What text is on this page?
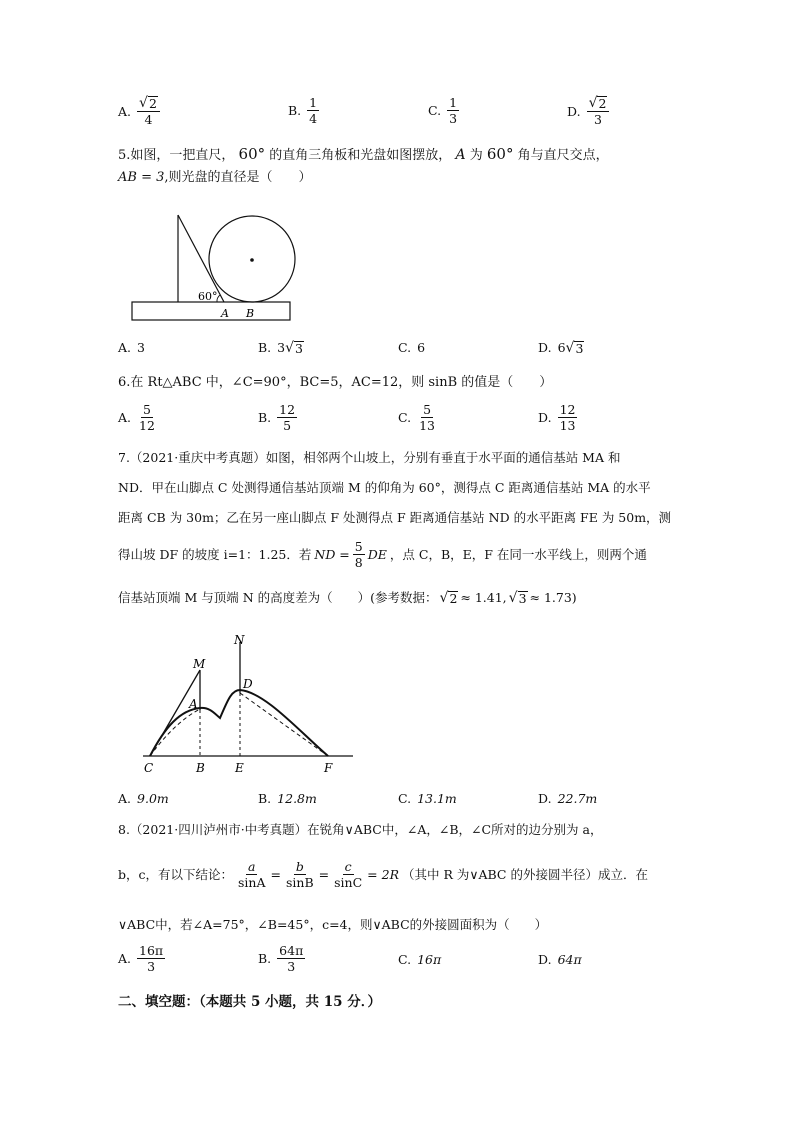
A. $\frac{√ 2}{4}$	B. $\frac{1}{4}$	C. $\frac{1}{3}$	D. $\frac{√ 2}{3}$
5.如图，一把直尺， 60° 的直角三角板和光盘如图摆放， A 为 60° 角与直尺交点，
AB = 3,则光盘的直径是（　　）
60°
A B
A. 3	B. 3 √ 3	C. 6	D. 6 √ 3
6.在 Rt△ABC 中，∠C=90°，BC=5，AC=12，则 sinB 的值是（　　）
A. $\frac{5}{12}$	B. $\frac{12}{5}$	C. $\frac{5}{13}$	D. $\frac{12}{13}$
7.（2021·重庆中考真题）如图，相邻两个山坡上，分别有垂直于水平面的通信基站 MA 和
ND．甲在山脚点 C 处测得通信基站顶端 M 的仰角为 60°，测得点 C 距离通信基站 MA 的水平
距离 CB 为 30m；乙在另一座山脚点 F 处测得点 F 距离通信基站 ND 的水平距离 FE 为 50m，测
得山坡 DF 的坡度 i=1：1.25．若 ND = $\frac{5}{8}$ DE ，点 C，B，E，F 在同一水平线上，则两个通
信基站顶端 M 与顶端 N 的高度差为（　　）(参考数据： √ 2 ≈ 1.41, √ 3 ≈ 1.73)
N
M
A
D
C	B	E	F
A. 9.0m	B. 12.8m	C. 13.1m	D. 22.7m
8.（2021·四川泸州市·中考真题）在锐角∨ABC中，∠A，∠B，∠C所对的边分别为 a，
b，c，有以下结论： $\frac{a}{\sin A} = \frac{b}{\sin B} = \frac{c}{\sin C} = 2R$ （其中 R 为∨ABC 的外接圆半径）成立．在
∨ABC中，若∠A=75°，∠B=45°，c=4，则∨ABC的外接圆面积为（　　）
A. $\frac{16\pi}{3}$	B. $\frac{64\pi}{3}$	C. 16π	D. 64π
二、填空题：（本题共 5 小题，共 15 分．）
